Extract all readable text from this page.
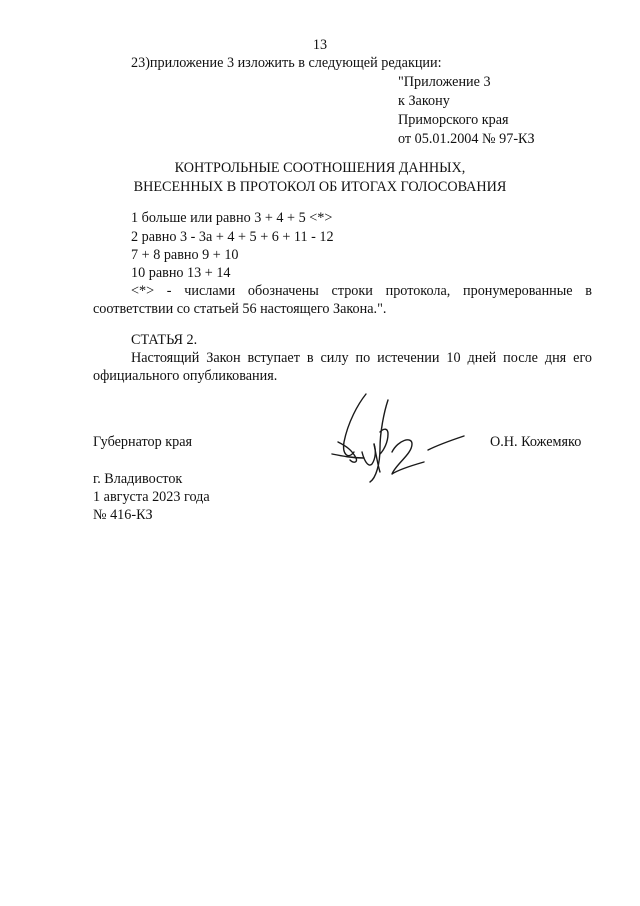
13
23)приложение 3 изложить в следующей редакции:
"Приложение 3
к Закону
Приморского края
от 05.01.2004 № 97-КЗ
КОНТРОЛЬНЫЕ СООТНОШЕНИЯ ДАННЫХ,
ВНЕСЕННЫХ В ПРОТОКОЛ ОБ ИТОГАХ ГОЛОСОВАНИЯ
1 больше или равно 3 + 4 + 5 <*>
2 равно 3 - 3а + 4 + 5 + 6 + 11 - 12
7 + 8 равно 9 + 10
10 равно 13 + 14
<*> - числами обозначены строки протокола, пронумерованные в
соответствии со статьей 56 настоящего Закона.".
СТАТЬЯ 2.
Настоящий Закон вступает в силу по истечении 10 дней после дня его
официального опубликования.
Губернатор края	О.Н. Кожемяко
г. Владивосток
1 августа 2023 года
№ 416-КЗ
